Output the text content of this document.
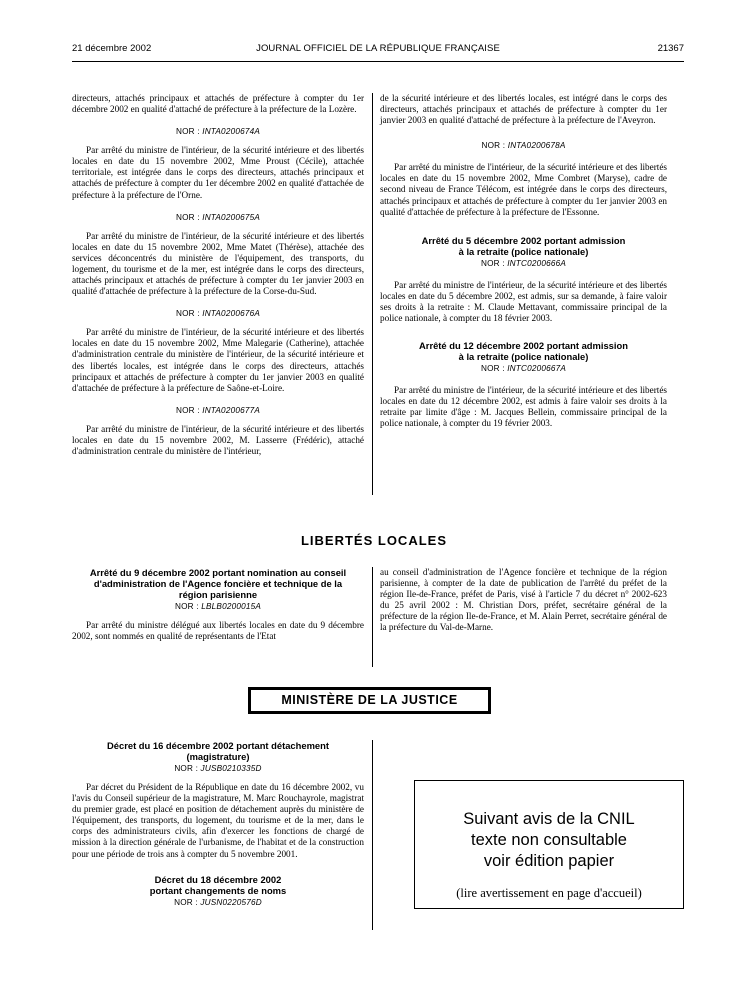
21 décembre 2002	JOURNAL OFFICIEL DE LA RÉPUBLIQUE FRANÇAISE	21367

directeurs, attachés principaux et attachés de préfecture à compter du 1er décembre 2002 en qualité d'attaché de préfecture à la préfecture de la Lozère.

NOR : INTA0200674A

Par arrêté du ministre de l'intérieur, de la sécurité intérieure et des libertés locales en date du 15 novembre 2002, Mme Proust (Cécile), attachée territoriale, est intégrée dans le corps des directeurs, attachés principaux et attachés de préfecture à compter du 1er décembre 2002 en qualité d'attachée de préfecture à la préfecture de l'Orne.

NOR : INTA0200675A

Par arrêté du ministre de l'intérieur, de la sécurité intérieure et des libertés locales en date du 15 novembre 2002, Mme Matet (Thérèse), attachée des services déconcentrés du ministère de l'équipement, des transports, du logement, du tourisme et de la mer, est intégrée dans le corps des directeurs, attachés principaux et attachés de préfecture à compter du 1er janvier 2003 en qualité d'attachée de préfecture à la préfecture de la Corse-du-Sud.

NOR : INTA0200676A

Par arrêté du ministre de l'intérieur, de la sécurité intérieure et des libertés locales en date du 15 novembre 2002, Mme Malegarie (Catherine), attachée d'administration centrale du ministère de l'intérieur, de la sécurité intérieure et des libertés locales, est intégrée dans le corps des directeurs, attachés principaux et attachés de préfecture à compter du 1er janvier 2003 en qualité d'attachée de préfecture à la préfecture de Saône-et-Loire.

NOR : INTA0200677A

Par arrêté du ministre de l'intérieur, de la sécurité intérieure et des libertés locales en date du 15 novembre 2002, M. Lasserre (Frédéric), attaché d'administration centrale du ministère de l'intérieur,

de la sécurité intérieure et des libertés locales, est intégré dans le corps des directeurs, attachés principaux et attachés de préfecture à compter du 1er janvier 2003 en qualité d'attaché de préfecture à la préfecture de l'Aveyron.

NOR : INTA0200678A

Par arrêté du ministre de l'intérieur, de la sécurité intérieure et des libertés locales en date du 15 novembre 2002, Mme Combret (Maryse), cadre de second niveau de France Télécom, est intégrée dans le corps des directeurs, attachés principaux et attachés de préfecture à compter du 1er janvier 2003 en qualité d'attachée de préfecture à la préfecture de l'Essonne.

Arrêté du 5 décembre 2002 portant admission
à la retraite (police nationale)

NOR : INTC0200666A

Par arrêté du ministre de l'intérieur, de la sécurité intérieure et des libertés locales en date du 5 décembre 2002, est admis, sur sa demande, à faire valoir ses droits à la retraite : M. Claude Mettavant, commissaire principal de la police nationale, à compter du 18 février 2003.

Arrêté du 12 décembre 2002 portant admission
à la retraite (police nationale)

NOR : INTC0200667A

Par arrêté du ministre de l'intérieur, de la sécurité intérieure et des libertés locales en date du 12 décembre 2002, est admis à faire valoir ses droits à la retraite par limite d'âge : M. Jacques Bellein, commissaire principal de la police nationale, à compter du 19 février 2003.

LIBERTÉS LOCALES

Arrêté du 9 décembre 2002 portant nomination au conseil
d'administration de l'Agence foncière et technique de la
région parisienne

NOR : LBLB0200015A

Par arrêté du ministre délégué aux libertés locales en date du 9 décembre 2002, sont nommés en qualité de représentants de l'Etat

au conseil d'administration de l'Agence foncière et technique de la région parisienne, à compter de la date de publication de l'arrêté du préfet de la région Ile-de-France, préfet de Paris, visé à l'article 7 du décret n° 2002-623 du 25 avril 2002 : M. Christian Dors, préfet, secrétaire général de la préfecture de la région Ile-de-France, et M. Alain Perret, secrétaire général de la préfecture du Val-de-Marne.

MINISTÈRE DE LA JUSTICE

Décret du 16 décembre 2002 portant détachement
(magistrature)

NOR : JUSB0210335D

Par décret du Président de la République en date du 16 décembre 2002, vu l'avis du Conseil supérieur de la magistrature, M. Marc Rouchayrole, magistrat du premier grade, est placé en position de détachement auprès du ministère de l'équipement, des transports, du logement, du tourisme et de la mer, dans le corps des administrateurs civils, afin d'exercer les fonctions de chargé de mission à la direction générale de l'urbanisme, de l'habitat et de la construction pour une période de trois ans à compter du 5 novembre 2001.

Décret du 18 décembre 2002
portant changements de noms

NOR : JUSN0220576D

Suivant avis de la CNIL
texte non consultable
voir édition papier
(lire avertissement en page d'accueil)
